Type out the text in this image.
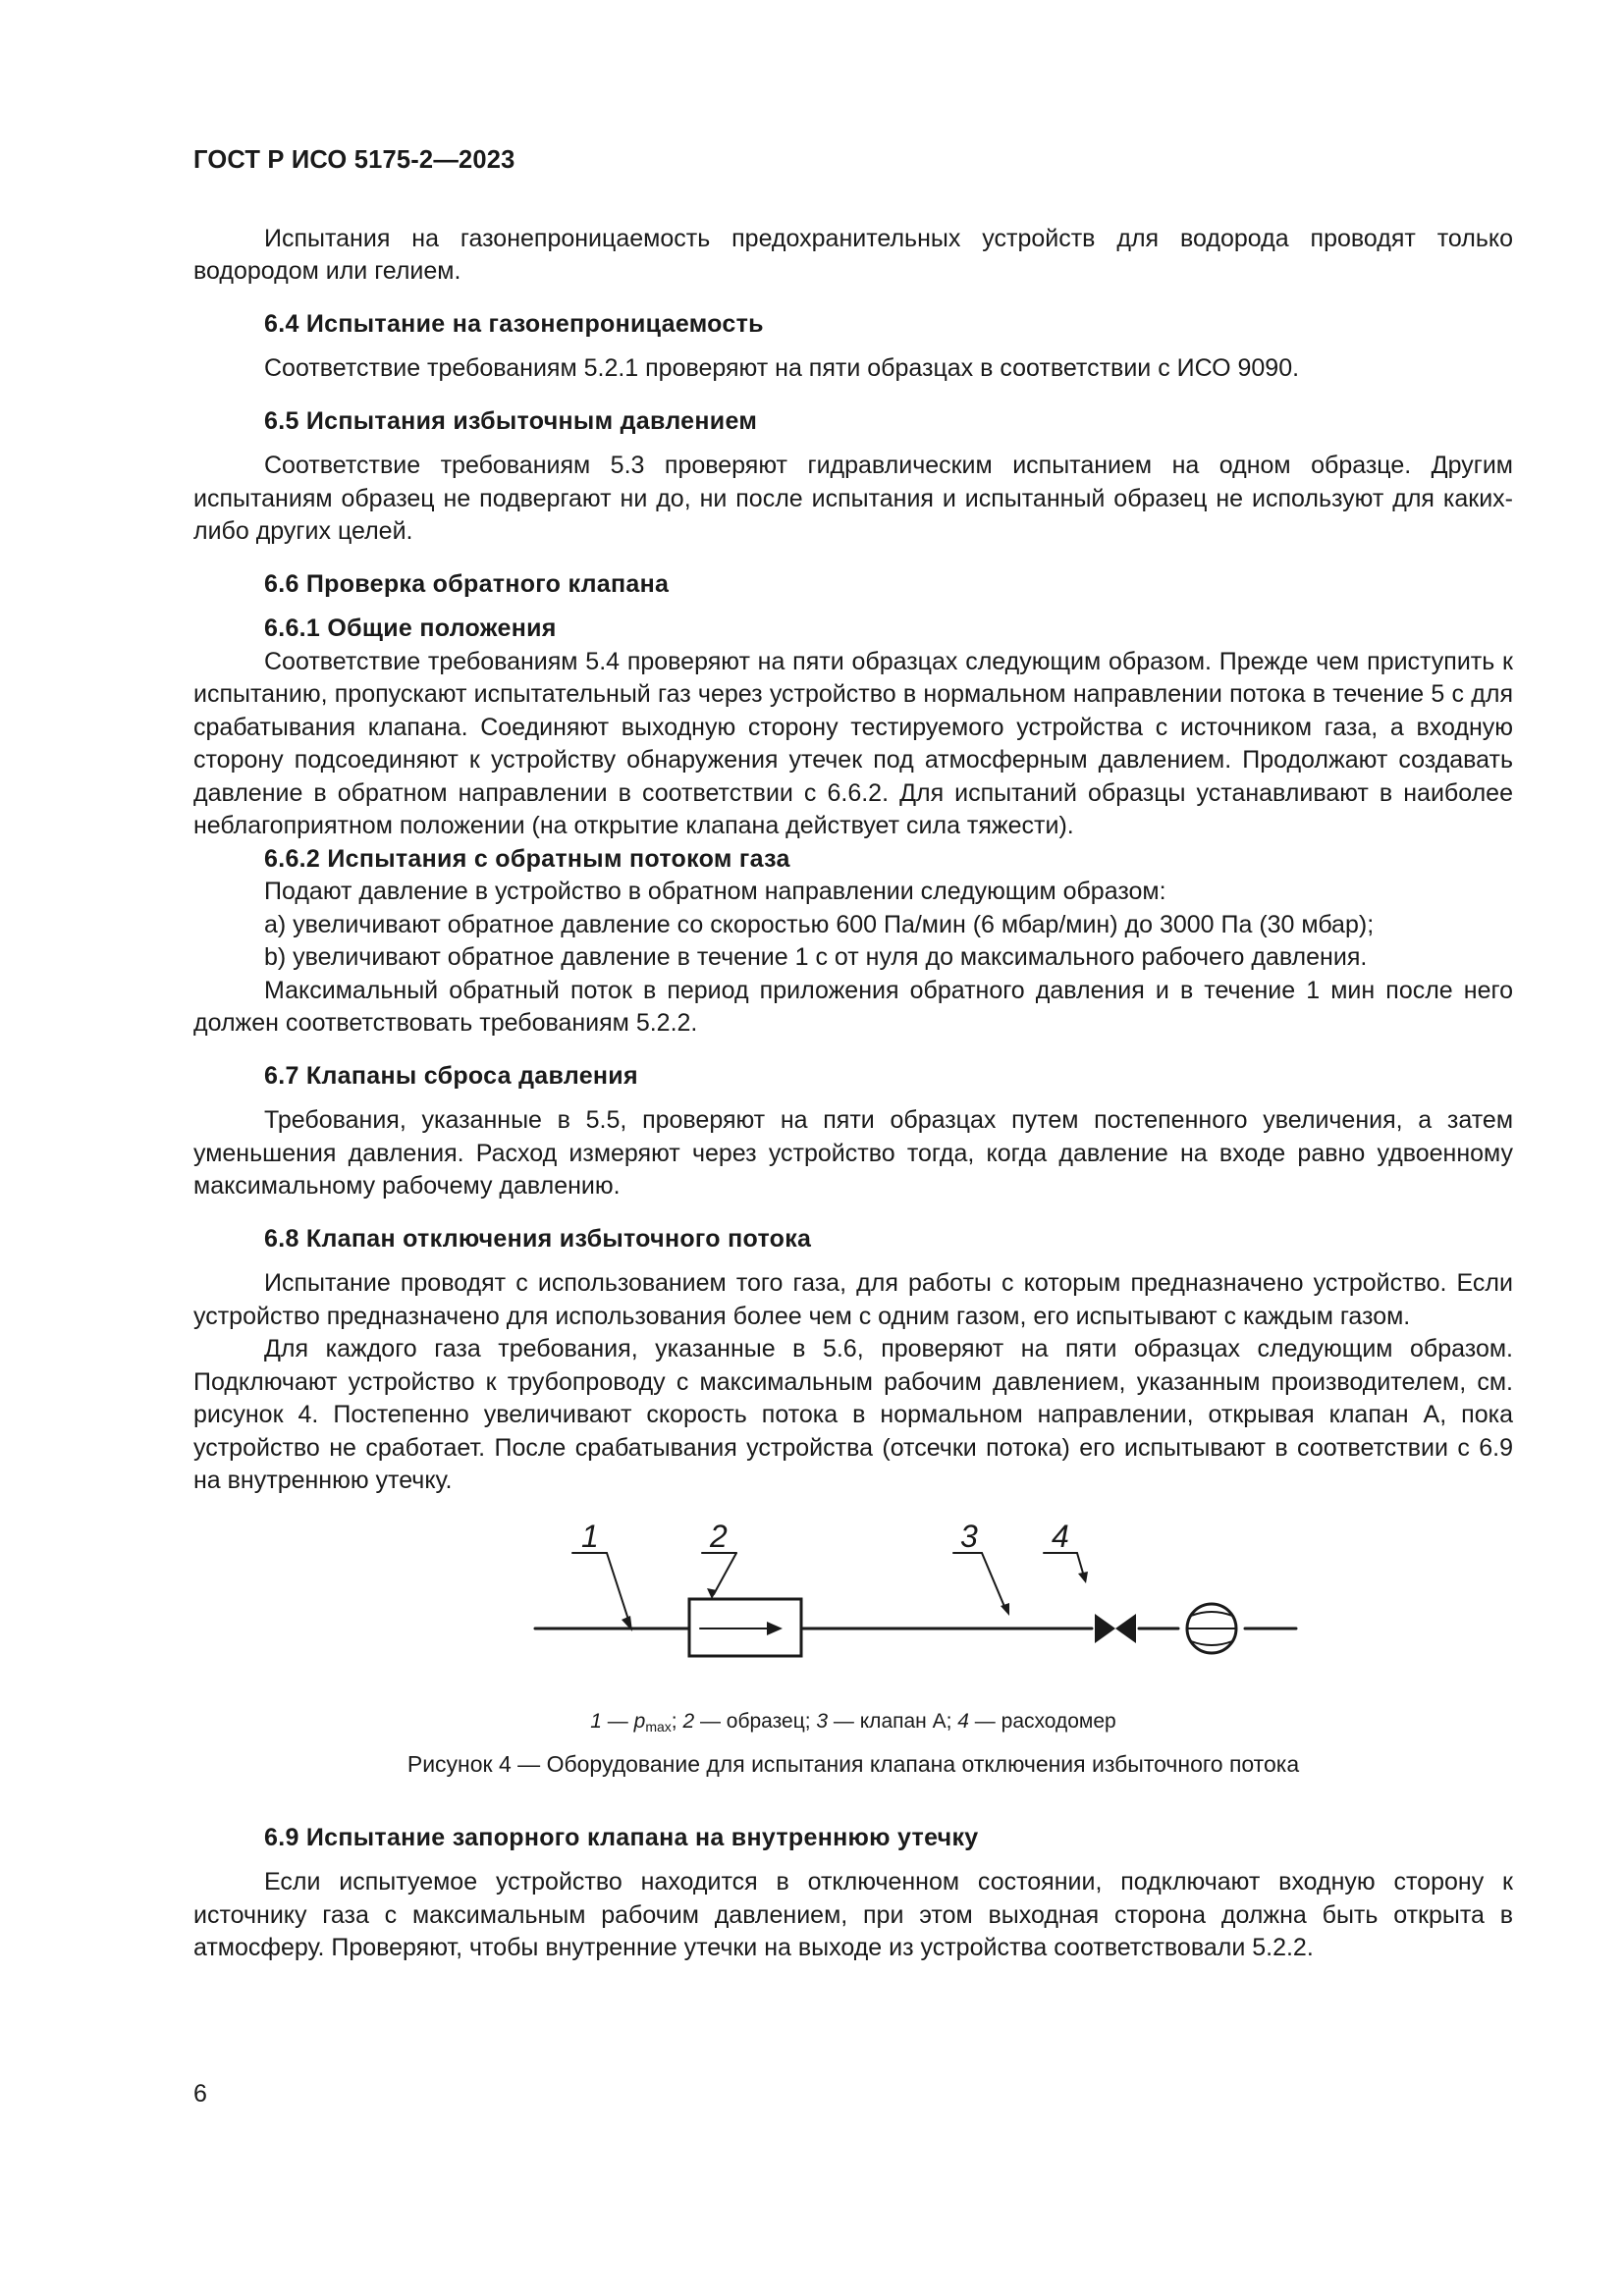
ГОСТ Р ИСО 5175-2—2023

Испытания на газонепроницаемость предохранительных устройств для водорода проводят только водородом или гелием.

6.4 Испытание на газонепроницаемость

Соответствие требованиям 5.2.1 проверяют на пяти образцах в соответствии с ИСО 9090.

6.5 Испытания избыточным давлением

Соответствие требованиям 5.3 проверяют гидравлическим испытанием на одном образце. Другим испытаниям образец не подвергают ни до, ни после испытания и испытанный образец не используют для каких-либо других целей.

6.6 Проверка обратного клапана

6.6.1 Общие положения

Соответствие требованиям 5.4 проверяют на пяти образцах следующим образом. Прежде чем приступить к испытанию, пропускают испытательный газ через устройство в нормальном направлении потока в течение 5 с для срабатывания клапана. Соединяют выходную сторону тестируемого устройства с источником газа, а входную сторону подсоединяют к устройству обнаружения утечек под атмосферным давлением. Продолжают создавать давление в обратном направлении в соответствии с 6.6.2. Для испытаний образцы устанавливают в наиболее неблагоприятном положении (на открытие клапана действует сила тяжести).

6.6.2 Испытания с обратным потоком газа

Подают давление в устройство в обратном направлении следующим образом:

a) увеличивают обратное давление со скоростью 600 Па/мин (6 мбар/мин) до 3000 Па (30 мбар);

b) увеличивают обратное давление в течение 1 с от нуля до максимального рабочего давления.

Максимальный обратный поток в период приложения обратного давления и в течение 1 мин после него должен соответствовать требованиям 5.2.2.

6.7 Клапаны сброса давления

Требования, указанные в 5.5, проверяют на пяти образцах путем постепенного увеличения, а затем уменьшения давления. Расход измеряют через устройство тогда, когда давление на входе равно удвоенному максимальному рабочему давлению.

6.8 Клапан отключения избыточного потока

Испытание проводят с использованием того газа, для работы с которым предназначено устройство. Если устройство предназначено для использования более чем с одним газом, его испытывают с каждым газом.

Для каждого газа требования, указанные в 5.6, проверяют на пяти образцах следующим образом. Подключают устройство к трубопроводу с максимальным рабочим давлением, указанным производителем, см. рисунок 4. Постепенно увеличивают скорость потока в нормальном направлении, открывая клапан А, пока устройство не сработает. После срабатывания устройства (отсечки потока) его испытывают в соответствии с 6.9 на внутреннюю утечку.

1	2	3 4
1 — $p_{max}$; 2 — образец; 3 — клапан А; 4 — расходомер
Рисунок 4 — Оборудование для испытания клапана отключения избыточного потока

6.9 Испытание запорного клапана на внутреннюю утечку

Если испытуемое устройство находится в отключенном состоянии, подключают входную сторону к источнику газа с максимальным рабочим давлением, при этом выходная сторона должна быть открыта в атмосферу. Проверяют, чтобы внутренние утечки на выходе из устройства соответствовали 5.2.2.

6
